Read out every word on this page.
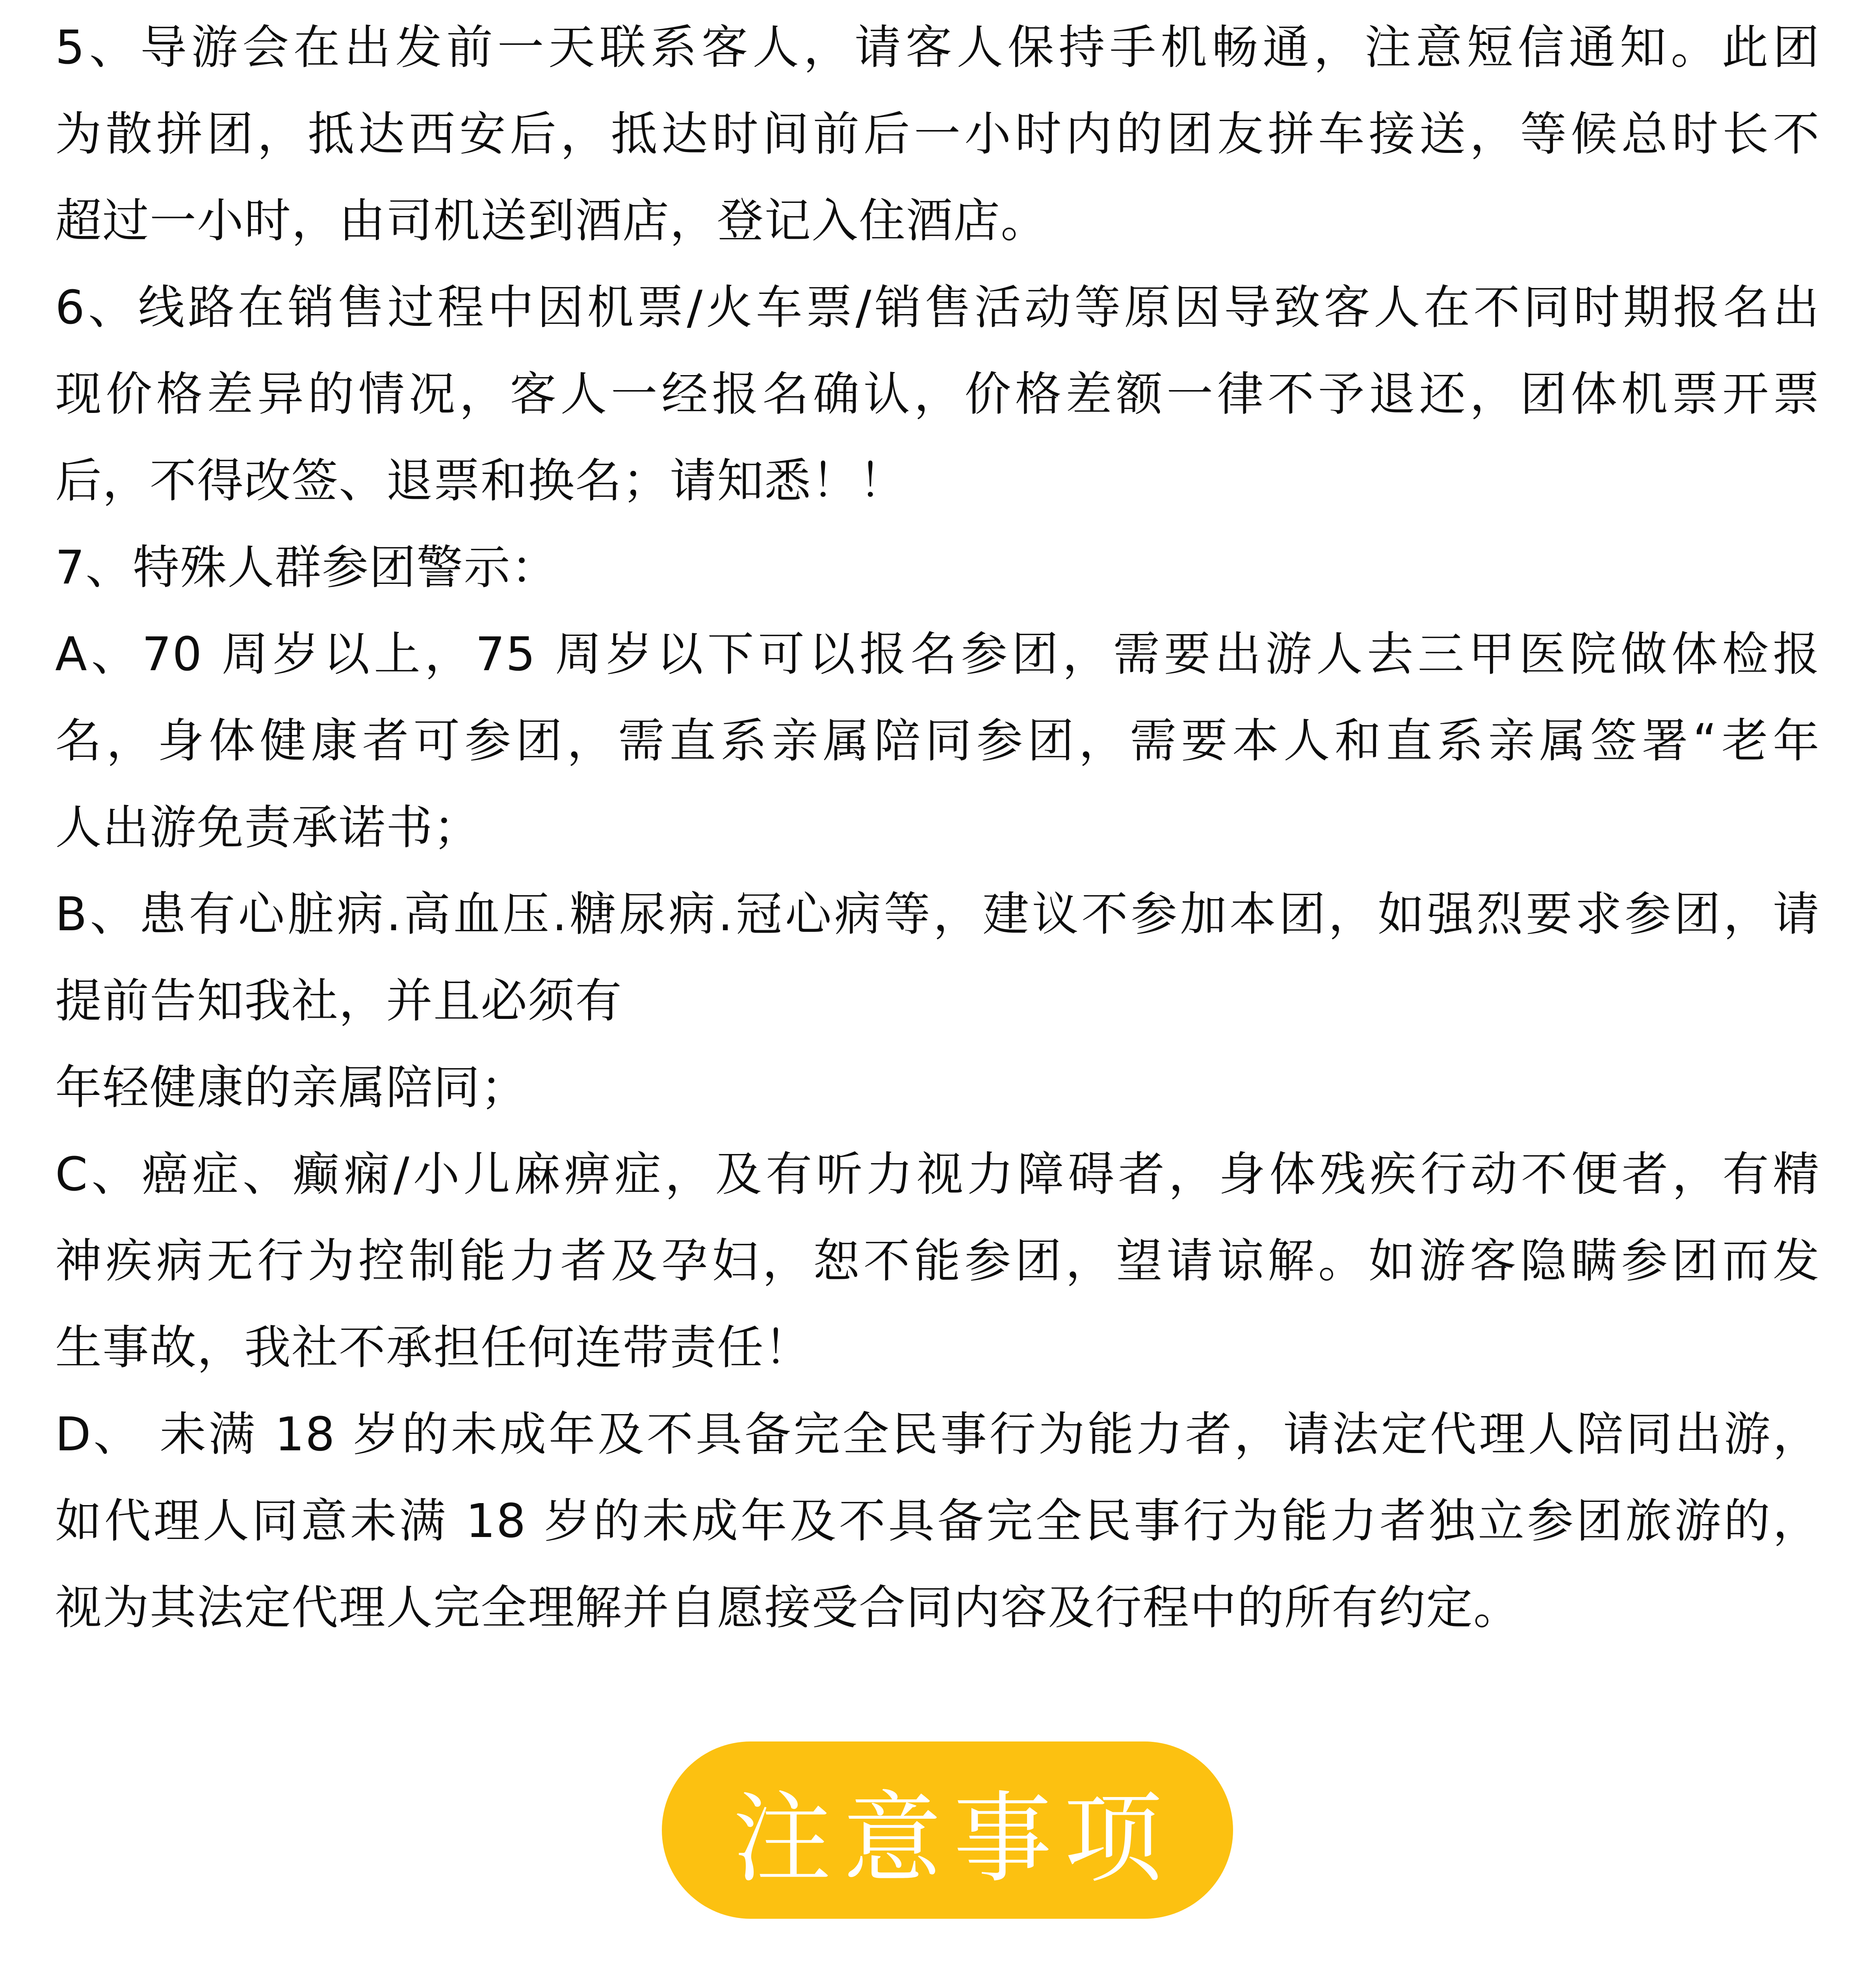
5、导游会在出发前一天联系客人，请客人保持手机畅通，注意短信通知。此团
为散拼团，抵达西安后，抵达时间前后一小时内的团友拼车接送，等候总时长不
超过一小时，由司机送到酒店，登记入住酒店。
6、线路在销售过程中因机票/火车票/销售活动等原因导致客人在不同时期报名出
现价格差异的情况，客人一经报名确认，价格差额一律不予退还，团体机票开票
后，不得改签、退票和换名；请知悉！！
7、特殊人群参团警示：
A、70 周岁以上，75 周岁以下可以报名参团，需要出游人去三甲医院做体检报
名，身体健康者可参团，需直系亲属陪同参团，需要本人和直系亲属签署“老年
人出游免责承诺书；
B、患有心脏病.高血压.糖尿病.冠心病等，建议不参加本团，如强烈要求参团，请
提前告知我社，并且必须有
年轻健康的亲属陪同；
C、癌症、癫痫/小儿麻痹症，及有听力视力障碍者，身体残疾行动不便者，有精
神疾病无行为控制能力者及孕妇，恕不能参团，望请谅解。如游客隐瞒参团而发
生事故，我社不承担任何连带责任！
D、 未满 18 岁的未成年及不具备完全民事行为能力者，请法定代理人陪同出游，
如代理人同意未满 18 岁的未成年及不具备完全民事行为能力者独立参团旅游的，
视为其法定代理人完全理解并自愿接受合同内容及行程中的所有约定。
注意事项
